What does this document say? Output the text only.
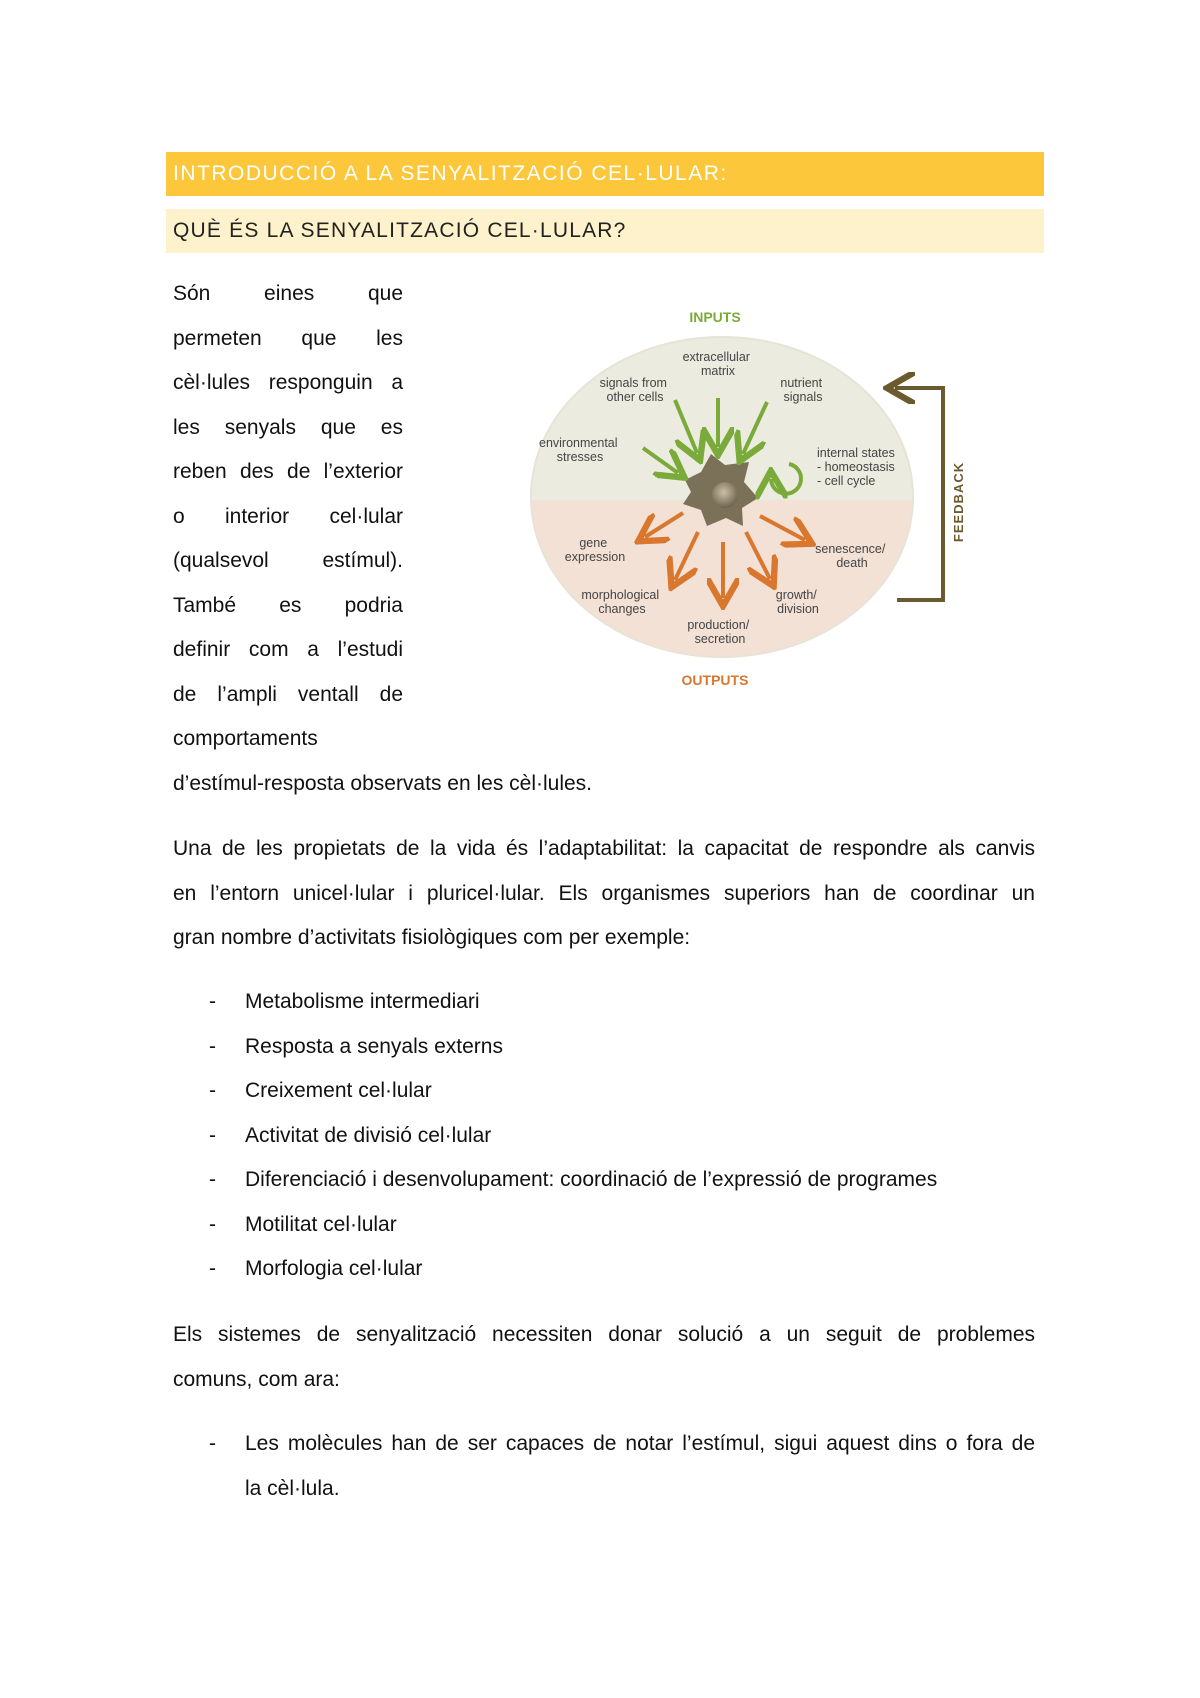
INTRODUCCIÓ A LA SENYALITZACIÓ CEL·LULAR:
QUÈ ÉS LA SENYALITZACIÓ CEL·LULAR?
Són eines que
permeten que les
cèl·lules responguin a
les senyals que es
reben des de l’exterior
o interior cel·lular
(qualsevol estímul).
També es podria
definir com a l’estudi
de l’ampli ventall de
comportaments
d’estímul-resposta observats en les cèl·lules.
INPUTS
OUTPUTS
FEEDBACK
extracellular matrix
signals from other cells
nutrient signals
environmental stresses	internal states - homeostasis - cell cycle
gene expression
senescence/ death
morphological changes
growth/ division
production/ secretion
Una de les propietats de la vida és l’adaptabilitat: la capacitat de respondre als canvis
en l’entorn unicel·lular i pluricel·lular. Els organismes superiors han de coordinar un
gran nombre d’activitats fisiològiques com per exemple:
- Metabolisme intermediari
- Resposta a senyals externs
- Creixement cel·lular
- Activitat de divisió cel·lular
- Diferenciació i desenvolupament: coordinació de l’expressió de programes
- Motilitat cel·lular
- Morfologia cel·lular
Els sistemes de senyalització necessiten donar solució a un seguit de problemes
comuns, com ara:
- Les molècules han de ser capaces de notar l’estímul, sigui aquest dins o fora de
la cèl·lula.
